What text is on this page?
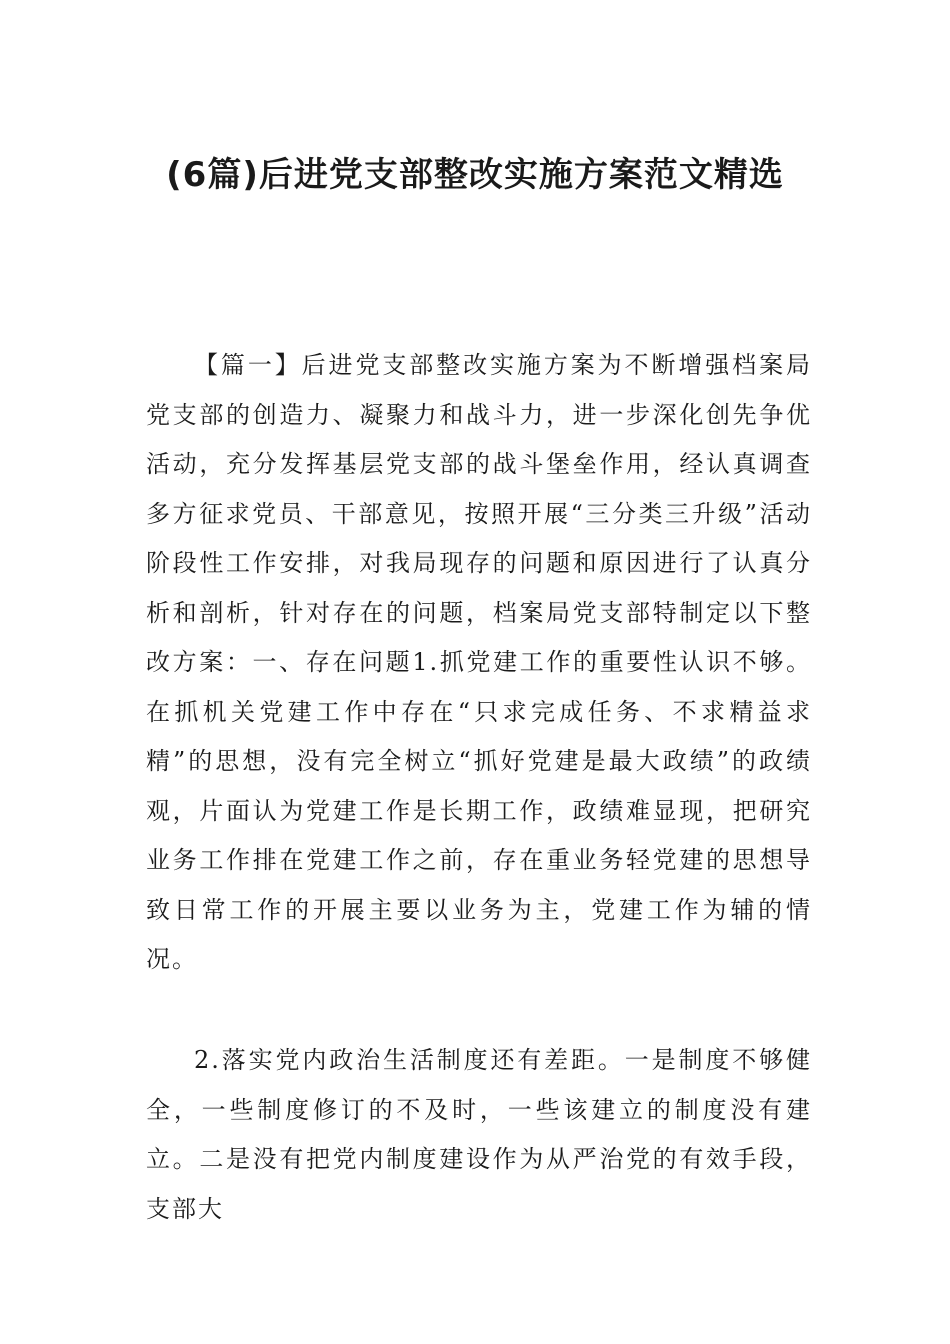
(6篇)后进党支部整改实施方案范文精选

【篇一】后进党支部整改实施方案为不断增强档案局党支部的创造力、凝聚力和战斗力，进一步深化创先争优活动，充分发挥基层党支部的战斗堡垒作用，经认真调查多方征求党员、干部意见，按照开展“三分类三升级”活动阶段性工作安排，对我局现存的问题和原因进行了认真分析和剖析，针对存在的问题，档案局党支部特制定以下整改方案：一、存在问题1.抓党建工作的重要性认识不够。在抓机关党建工作中存在“只求完成任务、不求精益求精”的思想，没有完全树立“抓好党建是最大政绩”的政绩观，片面认为党建工作是长期工作，政绩难显现，把研究业务工作排在党建工作之前，存在重业务轻党建的思想导致日常工作的开展主要以业务为主，党建工作为辅的情况。

2.落实党内政治生活制度还有差距。一是制度不够健全，一些制度修订的不及时，一些该建立的制度没有建立。二是没有把党内制度建设作为从严治党的有效手段，支部大
